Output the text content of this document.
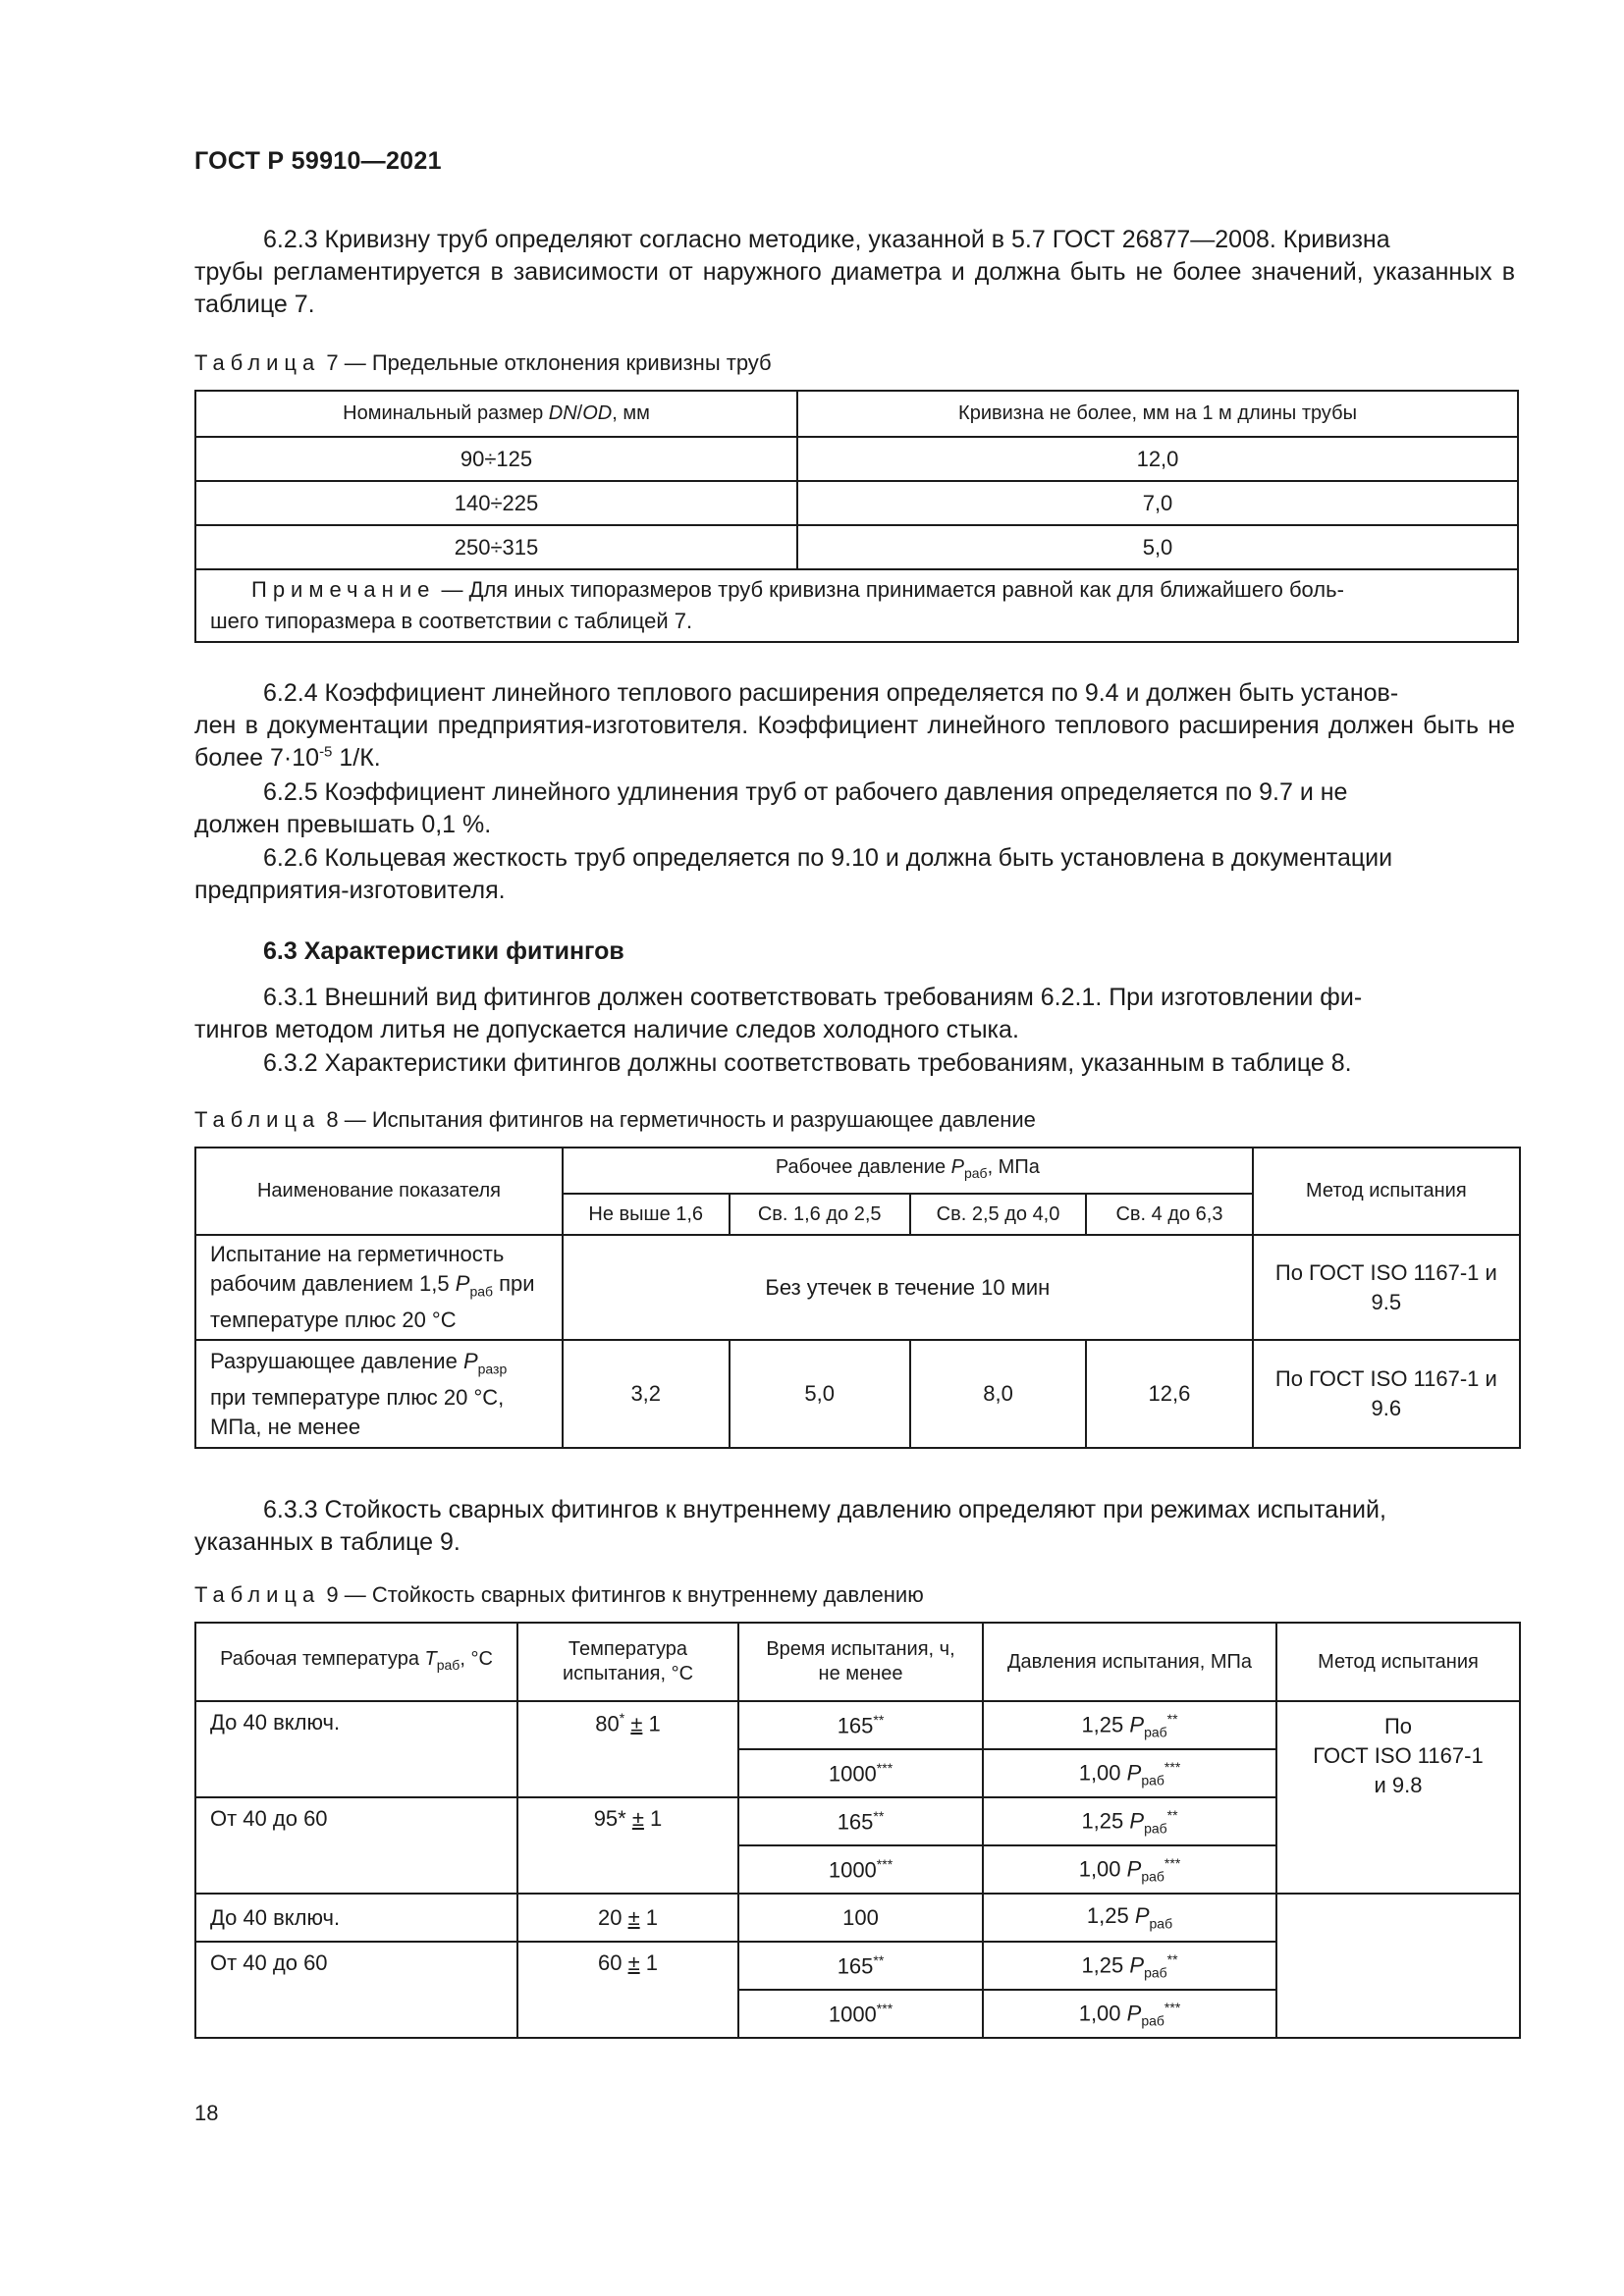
ГОСТ Р 59910—2021

6.2.3 Кривизну труб определяют согласно методике, указанной в 5.7 ГОСТ 26877—2008. Кривизна
трубы регламентируется в зависимости от наружного диаметра и должна быть не более значений, указанных в таблице 7.

Таблица 7 — Предельные отклонения кривизны труб
Номинальный размер DN/OD, мм	Кривизна не более, мм на 1 м длины трубы
90÷125	12,0
140÷225	7,0
250÷315	5,0

Примечание — Для иных типоразмеров труб кривизна принимается равной как для ближайшего боль-
шего типоразмера в соответствии с таблицей 7.	

6.2.4 Коэффициент линейного теплового расширения определяется по 9.4 и должен быть установ-
лен в документации предприятия-изготовителя. Коэффициент линейного теплового расширения должен быть не более $7\cdot 10^{-5}$ 1/К.

6.2.5 Коэффициент линейного удлинения труб от рабочего давления определяется по 9.7 и не
должен превышать 0,1 %.

6.2.6 Кольцевая жесткость труб определяется по 9.10 и должна быть установлена в документации
предприятия-изготовителя.

6.3 Характеристики фитингов

6.3.1 Внешний вид фитингов должен соответствовать требованиям 6.2.1. При изготовлении фи-
тингов методом литья не допускается наличие следов холодного стыка.

6.3.2 Характеристики фитингов должны соответствовать требованиям, указанным в таблице 8.

Таблица 8 — Испытания фитингов на герметичность и разрушающее давление
Наименование показателя	Рабочее давление $P_{раб}$, МПа				Метод испытания
	Не выше 1,6	Св. 1,6 до 2,5	Св. 2,5 до 4,0	Св. 4 до 6,3	
Испытание на герметичность рабочим давлением 1,5 $P_{раб}$ при температуре плюс 20 °С	Без утечек в течение 10 мин				По ГОСТ ISO 1167-1 и 9.5
Разрушающее давление $P_{разр}$ при температуре плюс 20 °С, МПа, не менее	3,2	5,0	8,0	12,6	По ГОСТ ISO 1167-1 и 9.6

6.3.3 Стойкость сварных фитингов к внутреннему давлению определяют при режимах испытаний,
указанных в таблице 9.

Таблица 9 — Стойкость сварных фитингов к внутреннему давлению
Рабочая температура $T_{раб}$, °С	Температура испытания, °С	Время испытания, ч, не менее	Давления испытания, МПа	Метод испытания
До 40 включ.	80* ± 1	165**	1,25 $P_{раб}^{**}$	По
ГОСТ ISO 1167-1
и 9.8
		1000***	1,00 $P_{раб}^{***}$
От 40 до 60	95* ± 1	165**	1,25 $P_{раб}^{**}$
		1000***	1,00 $P_{раб}^{***}$
До 40 включ.	20 ± 1	100	1,25 $P_{раб}$	
От 40 до 60	60 ± 1	165**	1,25 $P_{раб}^{**}$
		1000***	1,00 $P_{раб}^{***}$
18
